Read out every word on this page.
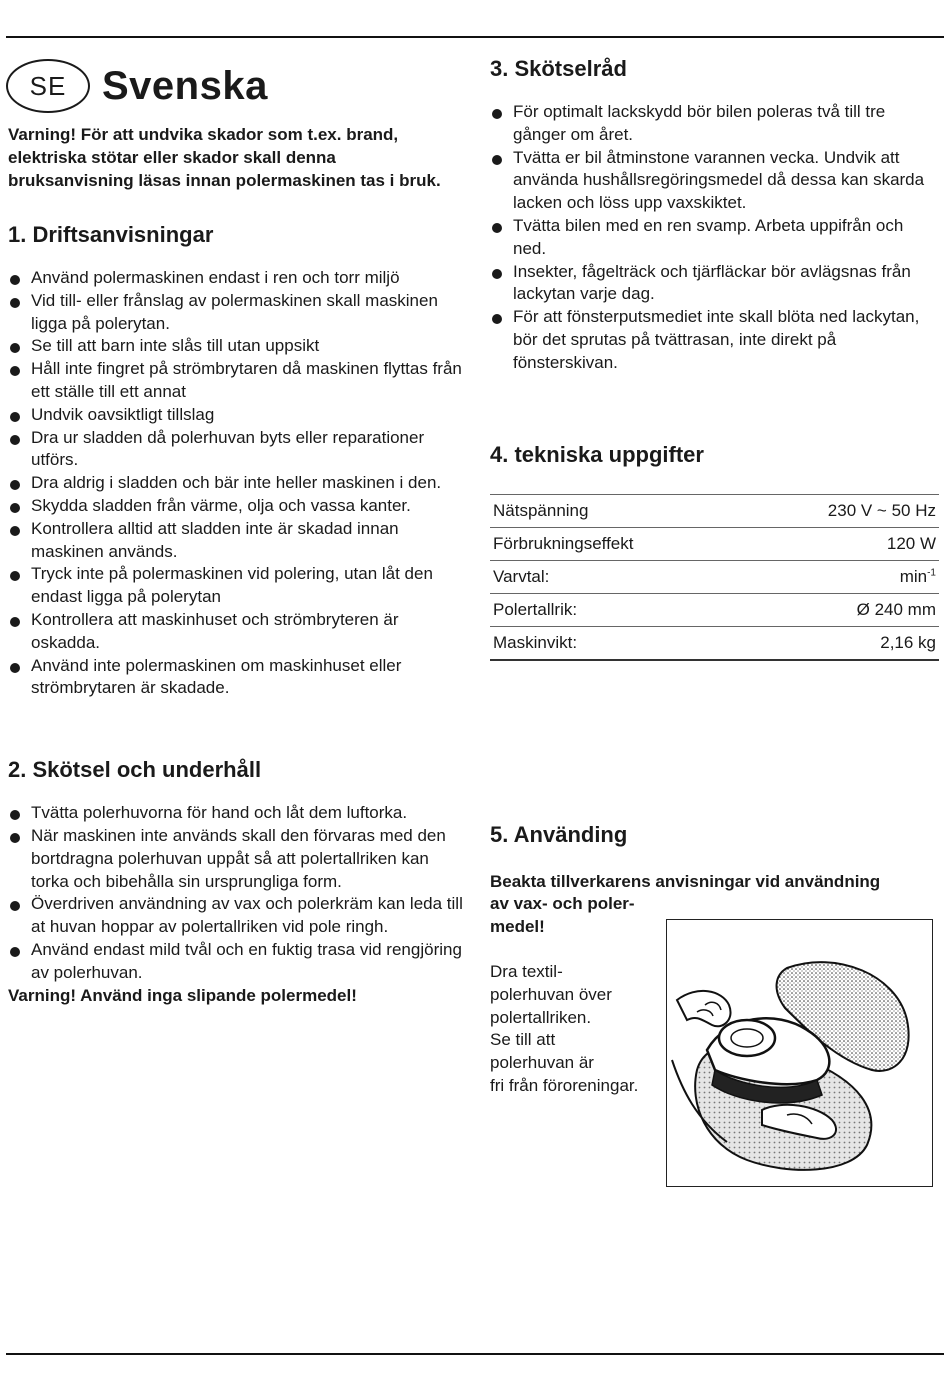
SE Svenska

Varning! För att undvika skador som t.ex. brand, elektriska stötar eller skador skall denna bruksanvisning läsas innan polermaskinen tas i bruk.

1. Driftsanvisningar
Använd polermaskinen endast i ren och torr miljö
Vid till- eller frånslag av polermaskinen skall maskinen ligga på polerytan.
Se till att barn inte slås till utan uppsikt
Håll inte fingret på strömbrytaren då maskinen flyttas från ett ställe till ett annat
Undvik oavsiktligt tillslag
Dra ur sladden då polerhuvan byts eller reparationer utförs.
Dra aldrig i sladden och bär inte heller maskinen i den.
Skydda sladden från värme, olja och vassa kanter.
Kontrollera alltid att sladden inte är skadad innan maskinen används.
Tryck inte på polermaskinen vid polering, utan låt den endast ligga på polerytan
Kontrollera att maskinhuset och strömbryteren är oskadda.
Använd inte polermaskinen om maskinhuset eller strömbrytaren är skadade.
2. Skötsel och underhåll
Tvätta polerhuvorna för hand och låt dem luftorka.
När maskinen inte används skall den förvaras med den bortdragna polerhuvan uppåt så att polertallriken kan torka och bibehålla sin ursprungliga form.
Överdriven användning av vax och polerkräm kan leda till at huvan hoppar av polertallriken vid pole ringh.
Använd endast mild tvål och en fuktig trasa vid rengjöring av polerhuvan.

Varning! Använd inga slipande polermedel!

3. Skötselråd
För optimalt lackskydd bör bilen poleras två till tre gånger om året.
Tvätta er bil åtminstone varannen vecka. Undvik att använda hushållsregöringsmedel då dessa kan skarda lacken och löss upp vaxskiktet.
Tvätta bilen med en ren svamp. Arbeta uppifrån och ned.
Insekter, fågelträck och tjärfläckar bör avlägsnas från lackytan varje dag.
För att fönsterputsmediet inte skall blöta ned lackytan, bör det sprutas på tvättrasan, inte direkt på fönsterskivan.
4. tekniska uppgifter
Nätspänning	230 V ~ 50 Hz
Förbrukningseffekt	120 W
Varvtal:	$\min^{-1}$
Polertallrik:	Ø 240 mm
Maskinvikt:	2,16 kg
5. Använding

Beakta tillverkarens anvisningar vid användning

av vax- och poler-

medel!

Dra textil-

polerhuvan över

polertallriken.

Se till att

polerhuvan är

fri från föroreningar.
